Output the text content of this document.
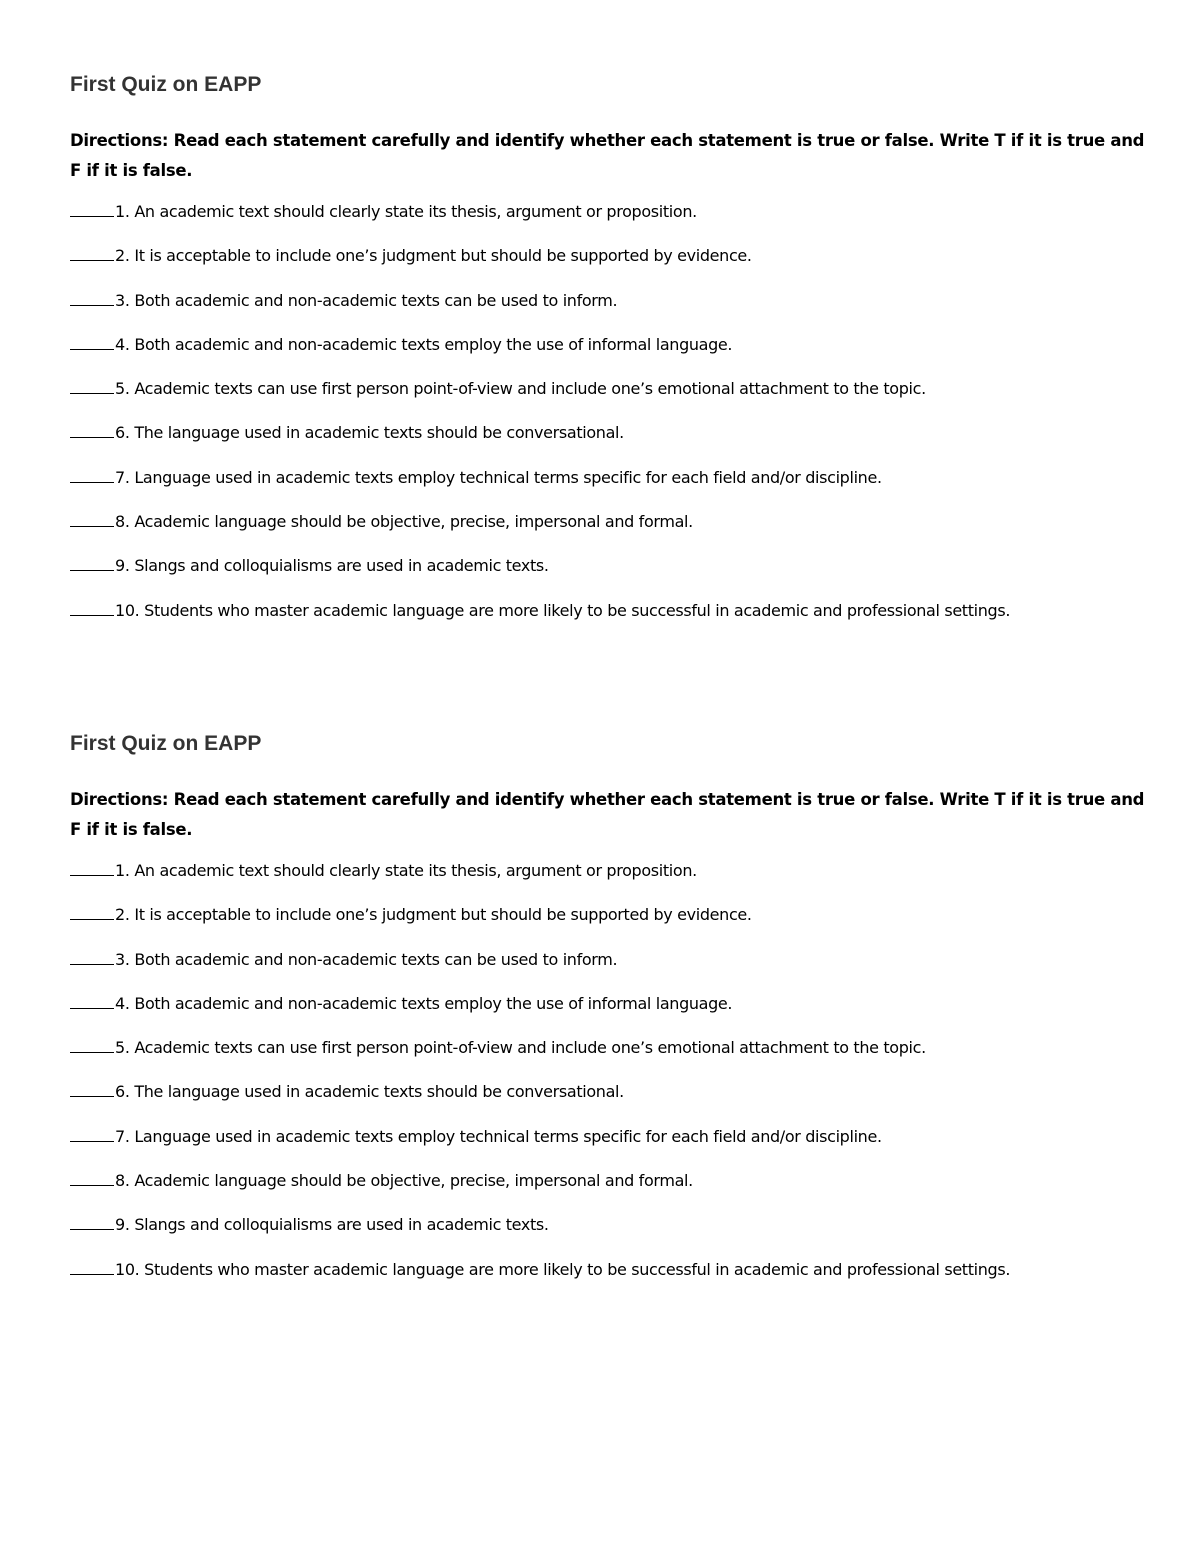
First Quiz on EAPP

Directions: Read each statement carefully and identify whether each statement is true or false. Write T if it is true and F if it is false.

1. An academic text should clearly state its thesis, argument or proposition.
2. It is acceptable to include one’s judgment but should be supported by evidence.
3. Both academic and non-academic texts can be used to inform.
4. Both academic and non-academic texts employ the use of informal language.
5. Academic texts can use first person point-of-view and include one’s emotional attachment to the topic.
6. The language used in academic texts should be conversational.
7. Language used in academic texts employ technical terms specific for each field and/or discipline.
8. Academic language should be objective, precise, impersonal and formal.
9. Slangs and colloquialisms are used in academic texts.
10. Students who master academic language are more likely to be successful in academic and professional settings.
First Quiz on EAPP

Directions: Read each statement carefully and identify whether each statement is true or false. Write T if it is true and F if it is false.

1. An academic text should clearly state its thesis, argument or proposition.
2. It is acceptable to include one’s judgment but should be supported by evidence.
3. Both academic and non-academic texts can be used to inform.
4. Both academic and non-academic texts employ the use of informal language.
5. Academic texts can use first person point-of-view and include one’s emotional attachment to the topic.
6. The language used in academic texts should be conversational.
7. Language used in academic texts employ technical terms specific for each field and/or discipline.
8. Academic language should be objective, precise, impersonal and formal.
9. Slangs and colloquialisms are used in academic texts.
10. Students who master academic language are more likely to be successful in academic and professional settings.
